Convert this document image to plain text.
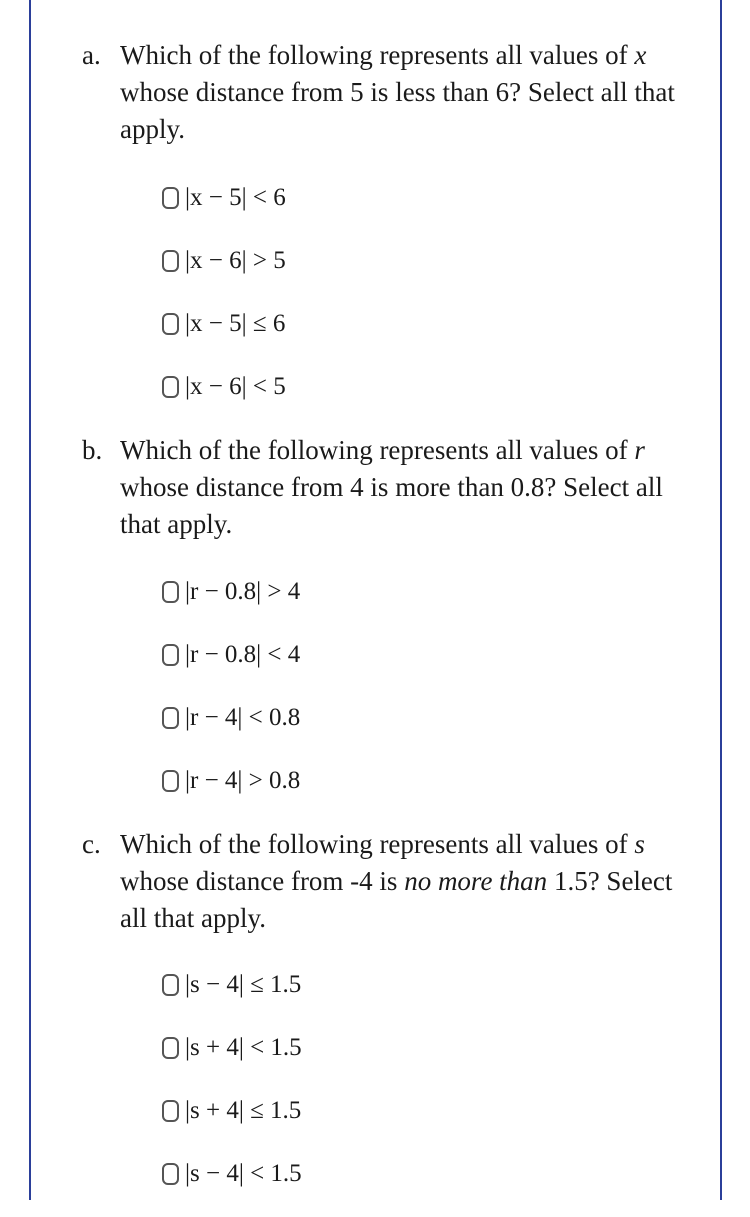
a. Which of the following represents all values of x whose distance from 5 is less than 6? Select all that apply.
|x − 5| < 6
|x − 6| > 5
|x − 5| ≤ 6
|x − 6| < 5
b. Which of the following represents all values of r whose distance from 4 is more than 0.8? Select all that apply.
|r − 0.8| > 4
|r − 0.8| < 4
|r − 4| < 0.8
|r − 4| > 0.8
c. Which of the following represents all values of s whose distance from -4 is no more than 1.5? Select all that apply.
|s − 4| ≤ 1.5
|s + 4| < 1.5
|s + 4| ≤ 1.5
|s − 4| < 1.5
